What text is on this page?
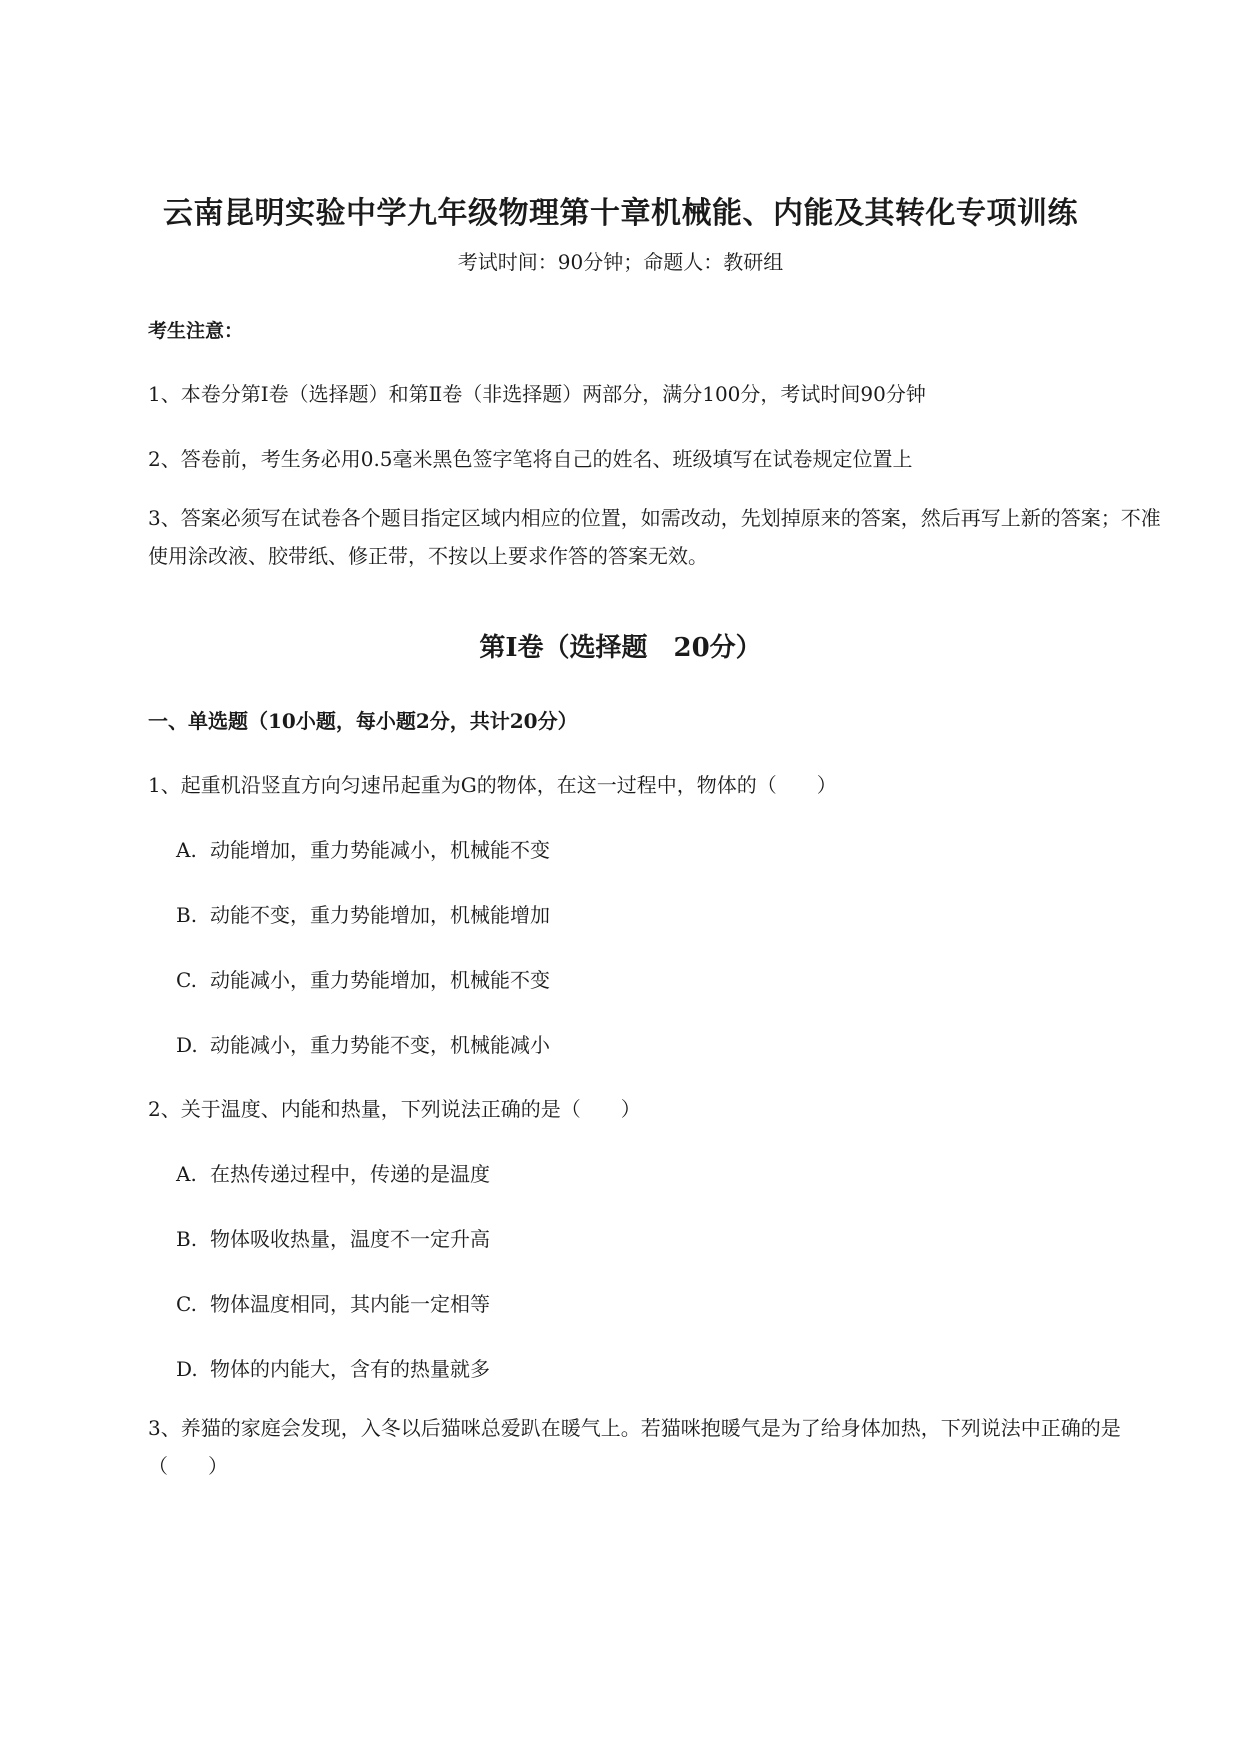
云南昆明实验中学九年级物理第十章机械能、内能及其转化专项训练
考试时间：90分钟；命题人：教研组
考生注意：
1、本卷分第I卷（选择题）和第Ⅱ卷（非选择题）两部分，满分100分，考试时间90分钟
2、答卷前，考生务必用0.5毫米黑色签字笔将自己的姓名、班级填写在试卷规定位置上
3、答案必须写在试卷各个题目指定区域内相应的位置，如需改动，先划掉原来的答案，然后再写上新的答案；不准使用涂改液、胶带纸、修正带，不按以上要求作答的答案无效。
第I卷（选择题　20分）
一、单选题（10小题，每小题2分，共计20分）
1、起重机沿竖直方向匀速吊起重为G的物体，在这一过程中，物体的（　　）
A. 动能增加，重力势能减小，机械能不变
B. 动能不变，重力势能增加，机械能增加
C. 动能减小，重力势能增加，机械能不变
D. 动能减小，重力势能不变，机械能减小
2、关于温度、内能和热量，下列说法正确的是（　　）
A. 在热传递过程中，传递的是温度
B. 物体吸收热量，温度不一定升高
C. 物体温度相同，其内能一定相等
D. 物体的内能大，含有的热量就多
3、养猫的家庭会发现，入冬以后猫咪总爱趴在暖气上。若猫咪抱暖气是为了给身体加热，下列说法中正确的是（　　）
